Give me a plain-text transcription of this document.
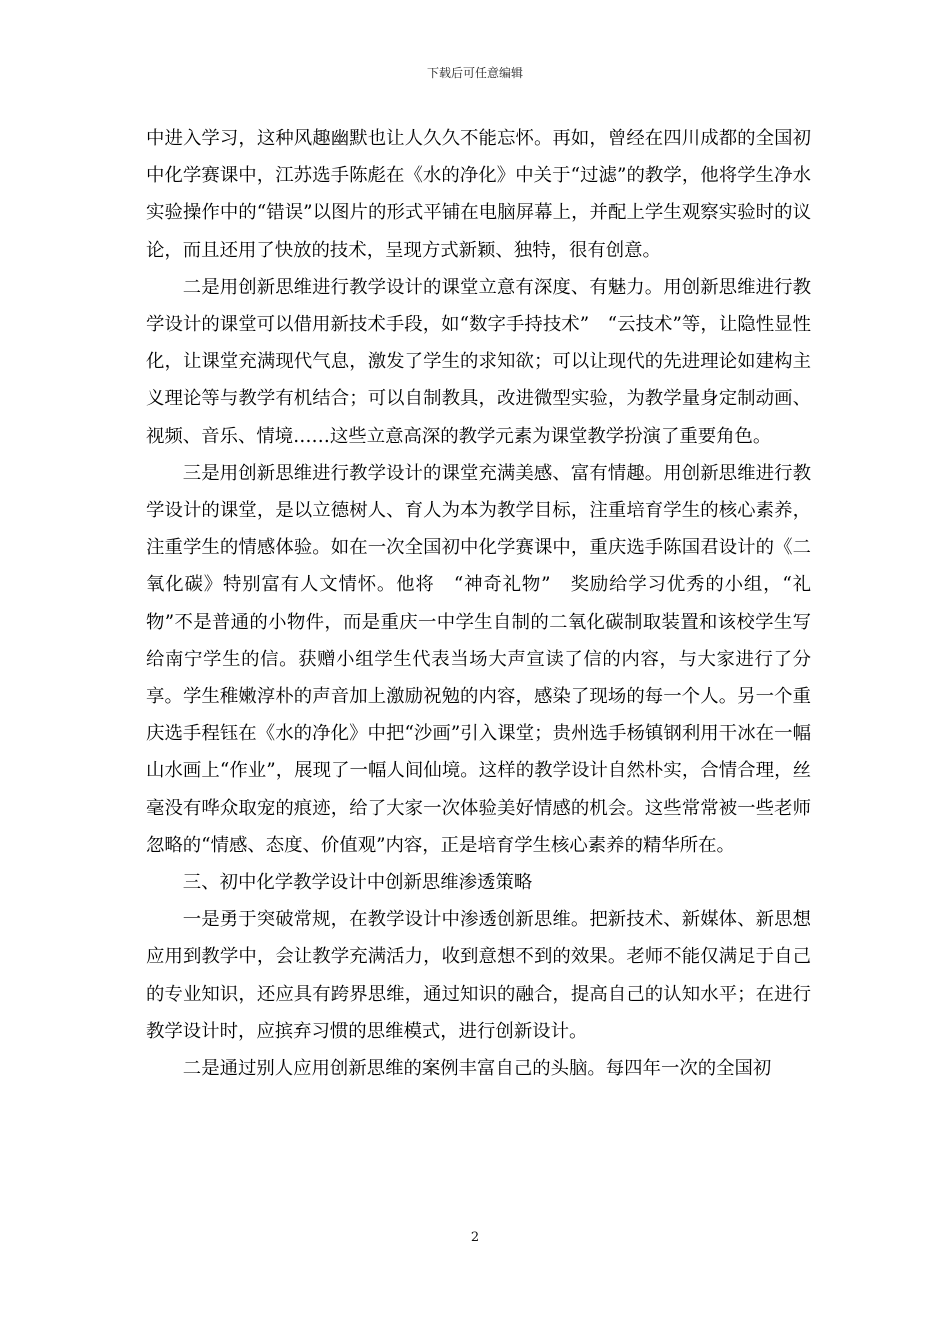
下载后可任意编辑

中进入学习，这种风趣幽默也让人久久不能忘怀。再如，曾经在四川成都的全国初中化学赛课中，江苏选手陈彪在《水的净化》中关于“过滤”的教学，他将学生净水实验操作中的“错误”以图片的形式平铺在电脑屏幕上，并配上学生观察实验时的议论，而且还用了快放的技术，呈现方式新颖、独特，很有创意。

二是用创新思维进行教学设计的课堂立意有深度、有魅力。用创新思维进行教学设计的课堂可以借用新技术手段，如“数字手持技术”　“云技术”等，让隐性显性化，让课堂充满现代气息，激发了学生的求知欲；可以让现代的先进理论如建构主义理论等与教学有机结合；可以自制教具，改进微型实验，为教学量身定制动画、视频、音乐、情境……这些立意高深的教学元素为课堂教学扮演了重要角色。

三是用创新思维进行教学设计的课堂充满美感、富有情趣。用创新思维进行教学设计的课堂，是以立德树人、育人为本为教学目标，注重培育学生的核心素养，注重学生的情感体验。如在一次全国初中化学赛课中，重庆选手陈国君设计的《二氧化碳》特别富有人文情怀。他将　“神奇礼物”　奖励给学习优秀的小组，“礼物”不是普通的小物件，而是重庆一中学生自制的二氧化碳制取装置和该校学生写给南宁学生的信。获赠小组学生代表当场大声宣读了信的内容，与大家进行了分享。学生稚嫩淳朴的声音加上激励祝勉的内容，感染了现场的每一个人。另一个重庆选手程钰在《水的净化》中把“沙画”引入课堂；贵州选手杨镇钢利用干冰在一幅山水画上“作业”，展现了一幅人间仙境。这样的教学设计自然朴实，合情合理，丝毫没有哗众取宠的痕迹，给了大家一次体验美好情感的机会。这些常常被一些老师忽略的“情感、态度、价值观”内容，正是培育学生核心素养的精华所在。

三、初中化学教学设计中创新思维渗透策略

一是勇于突破常规，在教学设计中渗透创新思维。把新技术、新媒体、新思想应用到教学中，会让教学充满活力，收到意想不到的效果。老师不能仅满足于自己的专业知识，还应具有跨界思维，通过知识的融合，提高自己的认知水平；在进行教学设计时，应摈弃习惯的思维模式，进行创新设计。

二是通过别人应用创新思维的案例丰富自己的头脑。每四年一次的全国初

2
